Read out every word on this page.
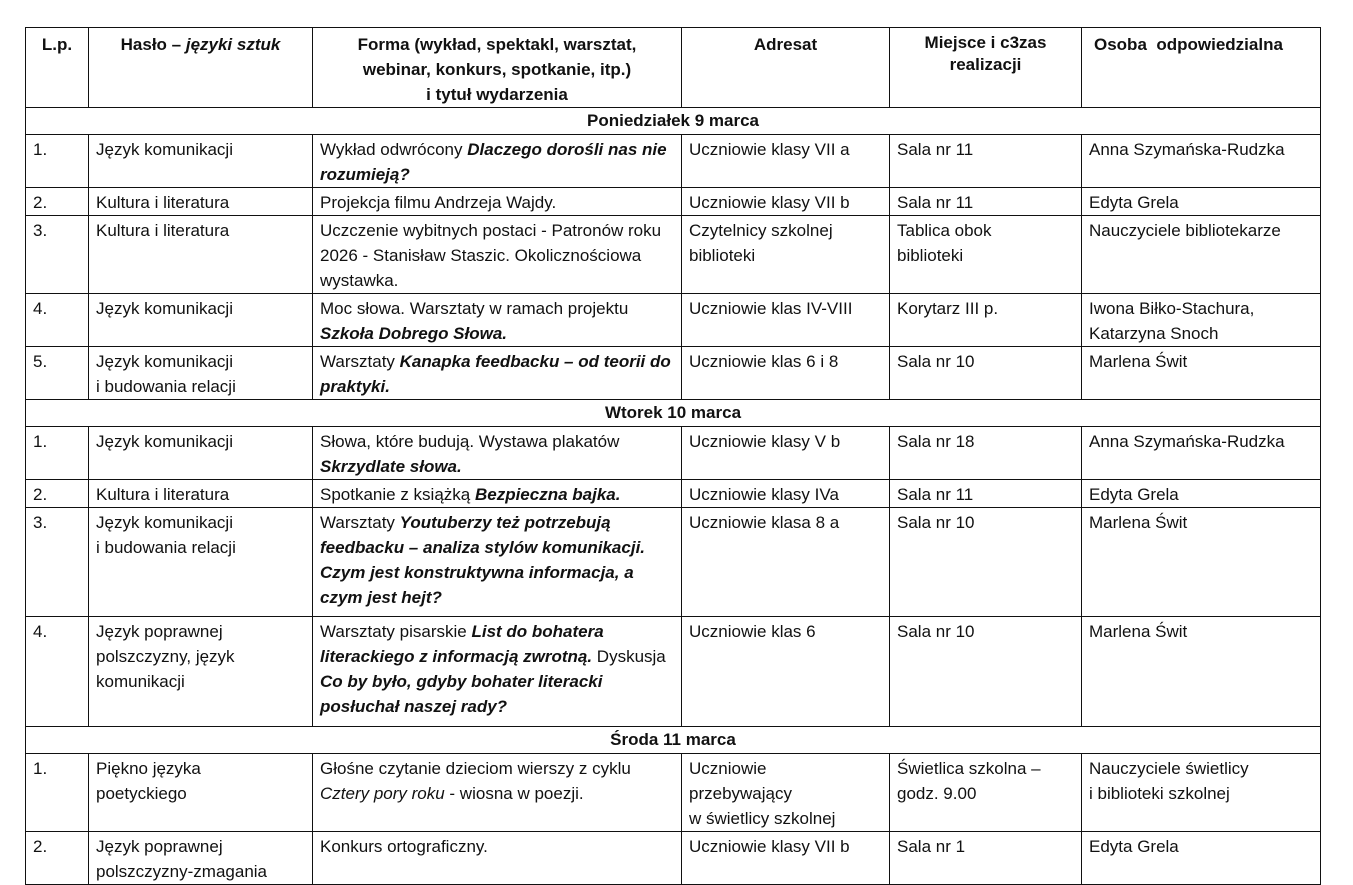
L.p.	Hasło – języki sztuk	Forma (wykład, spektakl, warsztat,
webinar, konkurs, spotkanie, itp.)
i tytuł wydarzenia	Adresat	Miejsce i c3zas
realizacji	Osoba  odpowiedzialna
Poniedziałek 9 marca					
1.	Język komunikacji	Wykład odwrócony Dlaczego dorośli nas nie rozumieją?	Uczniowie klasy VII a	Sala nr 11	Anna Szymańska-Rudzka

2.	Kultura i literatura	Projekcja filmu Andrzeja Wajdy.	Uczniowie klasy VII b	Sala nr 11	Edyta Grela

3.	Kultura i literatura	Uczczenie wybitnych postaci - Patronów roku 2026 - Stanisław Staszic. Okolicznościowa wystawka.	Czytelnicy szkolnej
biblioteki	Tablica obok
biblioteki	Nauczyciele bibliotekarze

4.	Język komunikacji	Moc słowa. Warsztaty w ramach projektu Szkoła Dobrego Słowa.	Uczniowie klas IV-VIII	Korytarz III p.	Iwona Biłko-Stachura,
Katarzyna Snoch

5.	Język komunikacji
i budowania relacji	Warsztaty Kanapka feedbacku – od teorii do praktyki.	Uczniowie klas 6 i 8	Sala nr 10	Marlena Świt

Wtorek 10 marca					
1.	Język komunikacji	Słowa, które budują. Wystawa plakatów Skrzydlate słowa.	Uczniowie klasy V b	Sala nr 18	Anna Szymańska-Rudzka

2.	Kultura i literatura	Spotkanie z książką Bezpieczna bajka.	Uczniowie klasy IVa	Sala nr 11	Edyta Grela

3.	Język komunikacji
i budowania relacji	Warsztaty Youtuberzy też potrzebują feedbacku – analiza stylów komunikacji. Czym jest konstruktywna informacja, a czym jest hejt?	Uczniowie klasa 8 a	Sala nr 10	Marlena Świt

4.	Język poprawnej
polszczyzny, język
komunikacji	Warsztaty pisarskie List do bohatera literackiego z informacją zwrotną. Dyskusja Co by było, gdyby bohater literacki posłuchał naszej rady?	Uczniowie klas 6	Sala nr 10	Marlena Świt

Środa 11 marca					
1.	Piękno języka
poetyckiego	Głośne czytanie dzieciom wierszy z cyklu Cztery pory roku - wiosna w poezji.	Uczniowie
przebywający
w świetlicy szkolnej	Świetlica szkolna –
godz. 9.00	Nauczyciele świetlicy
i biblioteki szkolnej

2.	Język poprawnej
polszczyzny-zmagania	Konkurs ortograficzny.	Uczniowie klasy VII b	Sala nr 1	Edyta Grela
